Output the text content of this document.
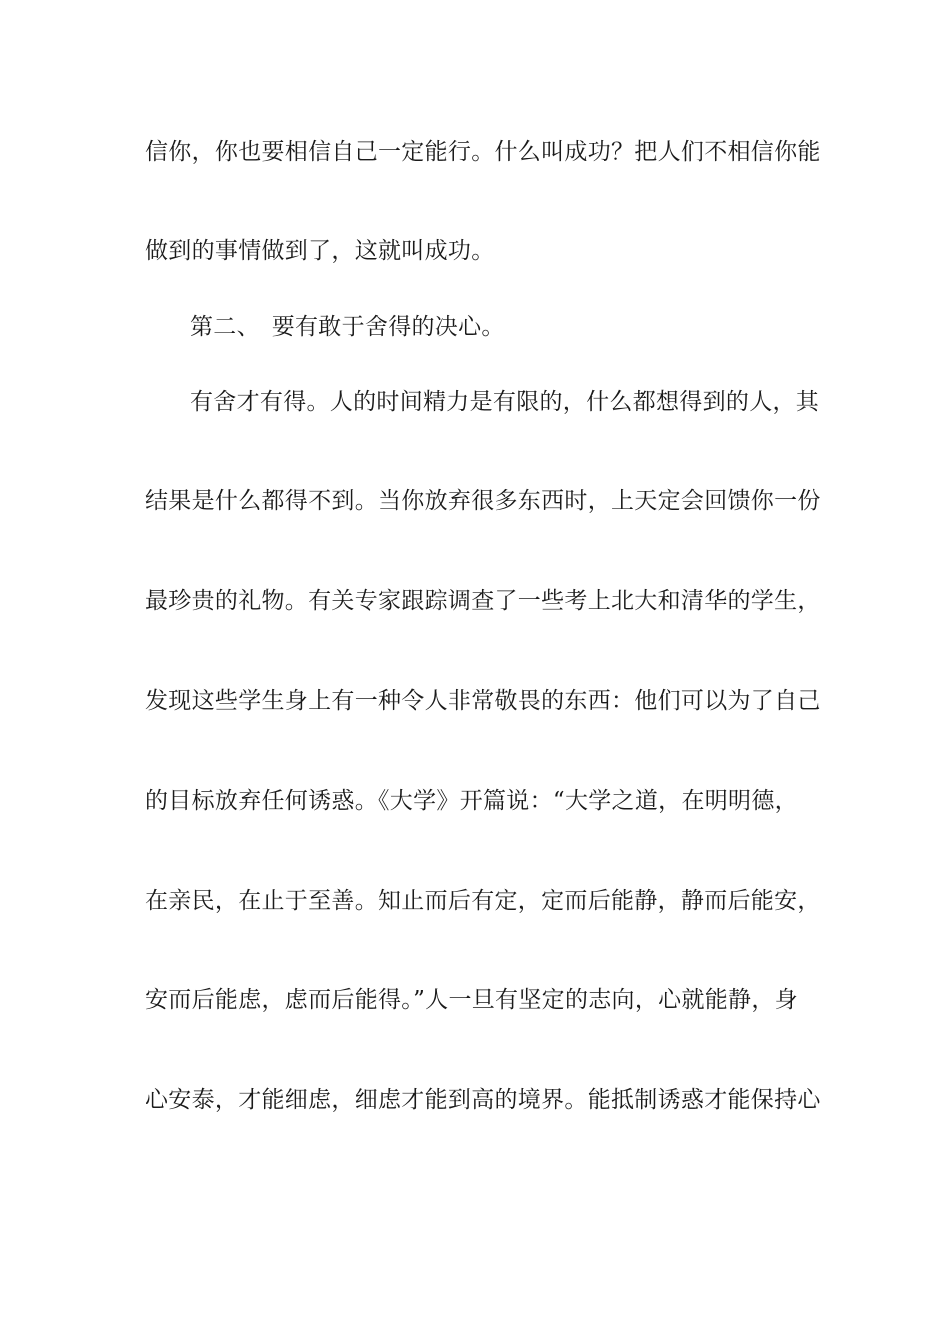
信你，你也要相信自己一定能行。什么叫成功？把人们不相信你能
做到的事情做到了，这就叫成功。
第二、　要有敢于舍得的决心。
有舍才有得。人的时间精力是有限的，什么都想得到的人，其
结果是什么都得不到。当你放弃很多东西时，上天定会回馈你一份
最珍贵的礼物。有关专家跟踪调查了一些考上北大和清华的学生，
发现这些学生身上有一种令人非常敬畏的东西：他们可以为了自己
的目标放弃任何诱惑。《大学》开篇说：“大学之道，在明明德，
在亲民，在止于至善。知止而后有定，定而后能静，静而后能安，
安而后能虑，虑而后能得。”人一旦有坚定的志向，心就能静，身
心安泰，才能细虑，细虑才能到高的境界。能抵制诱惑才能保持心
